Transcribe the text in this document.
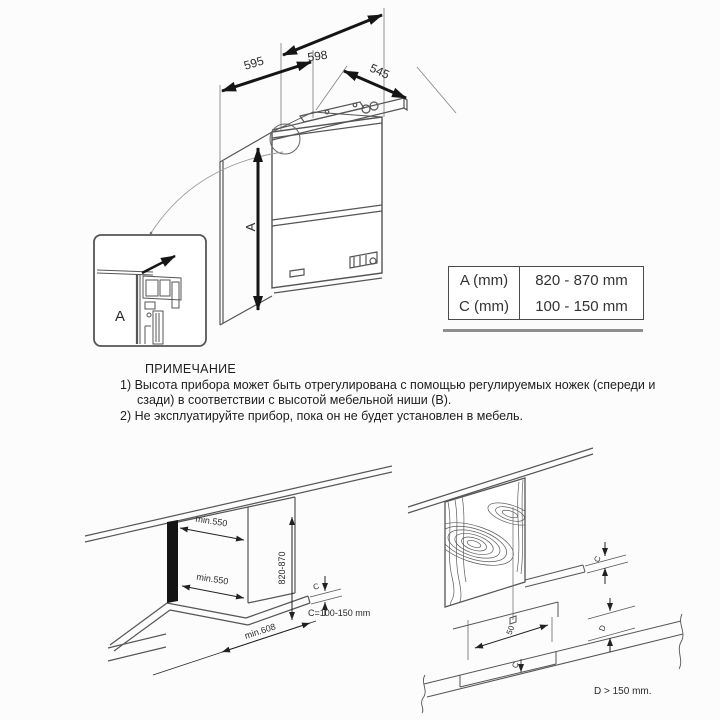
595	598
545
A
A
A (mm)	820 - 870 mm
C (mm)	100 - 150 mm
ПРИМЕЧАНИЕ
1) Высота прибора может быть отрегулирована с помощью регулируемых ножек (спереди и
сзади) в соответствии с высотой мебельной ниши (В).
2) Не эксплуатируйте прибор, пока он не будет установлен в мебель.
min.550
min.550	820-870
C
C=100-150 mm
min.608
C
D
50
C
D > 150 mm.
